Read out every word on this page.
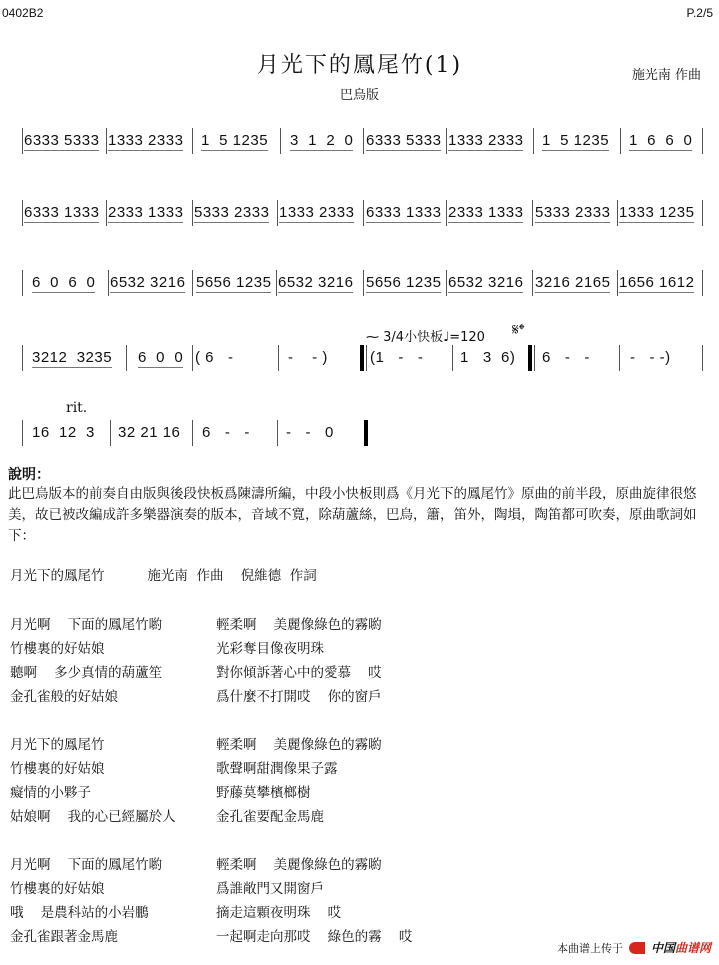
0402B2	P.2/5
月光下的鳳尾竹(1)	施光南 作曲
巴烏版
6333 5333 1333 2333 1  5 1235 3  1  2  0 6333 5333 1333 2333 1  5 1235 1  6  6  0
6333 1333 2333 1333 5333 2333 1333 2333 6333 1333 2333 1333 5333 2333 1333 1235
6  0  6  0 6532 3216 5656 1235 6532 3216 5656 1235 6532 3216 3216 2165 1656 1612
3212  3235 6  0  0 ( 6   -	-    - )	(1   -   - 1   3  6) 6   -   -	-   - -)
16  12  3 32 21 16 6   -   - -   -   0
⁓ 3/4小快板♩=120 𝄋𝄌
rit.
說明：
此巴烏版本的前奏自由版與後段快板爲陳濤所編，中段小快板則爲《月光下的鳳尾竹》原曲的前半段，原曲旋律很悠美，故已被改編成許多樂器演奏的版本，音域不寬，除葫蘆絲，巴烏，簫，笛外，陶塤，陶笛都可吹奏，原曲歌詞如下：
月光下的鳳尾竹          施光南  作曲    倪維德  作詞
月光啊    下面的鳳尾竹喲	輕柔啊    美麗像綠色的霧喲
竹樓裏的好姑娘	光彩奪目像夜明珠
聽啊    多少真情的葫蘆笙	對你傾訴著心中的愛慕    哎
金孔雀般的好姑娘	爲什麼不打開哎    你的窗戶
月光下的鳳尾竹	輕柔啊    美麗像綠色的霧喲
竹樓裏的好姑娘	歌聲啊甜潤像果子露
癡情的小夥子	野藤莫攀檳榔樹
姑娘啊    我的心已經屬於人	金孔雀要配金馬鹿
月光啊    下面的鳳尾竹喲	輕柔啊    美麗像綠色的霧喲
竹樓裏的好姑娘	爲誰敞門又開窗戶
哦    是農科站的小岩鵬	摘走這顆夜明珠    哎
金孔雀跟著金馬鹿	一起啊走向那哎    綠色的霧    哎
本曲谱上传于 中国曲谱网
